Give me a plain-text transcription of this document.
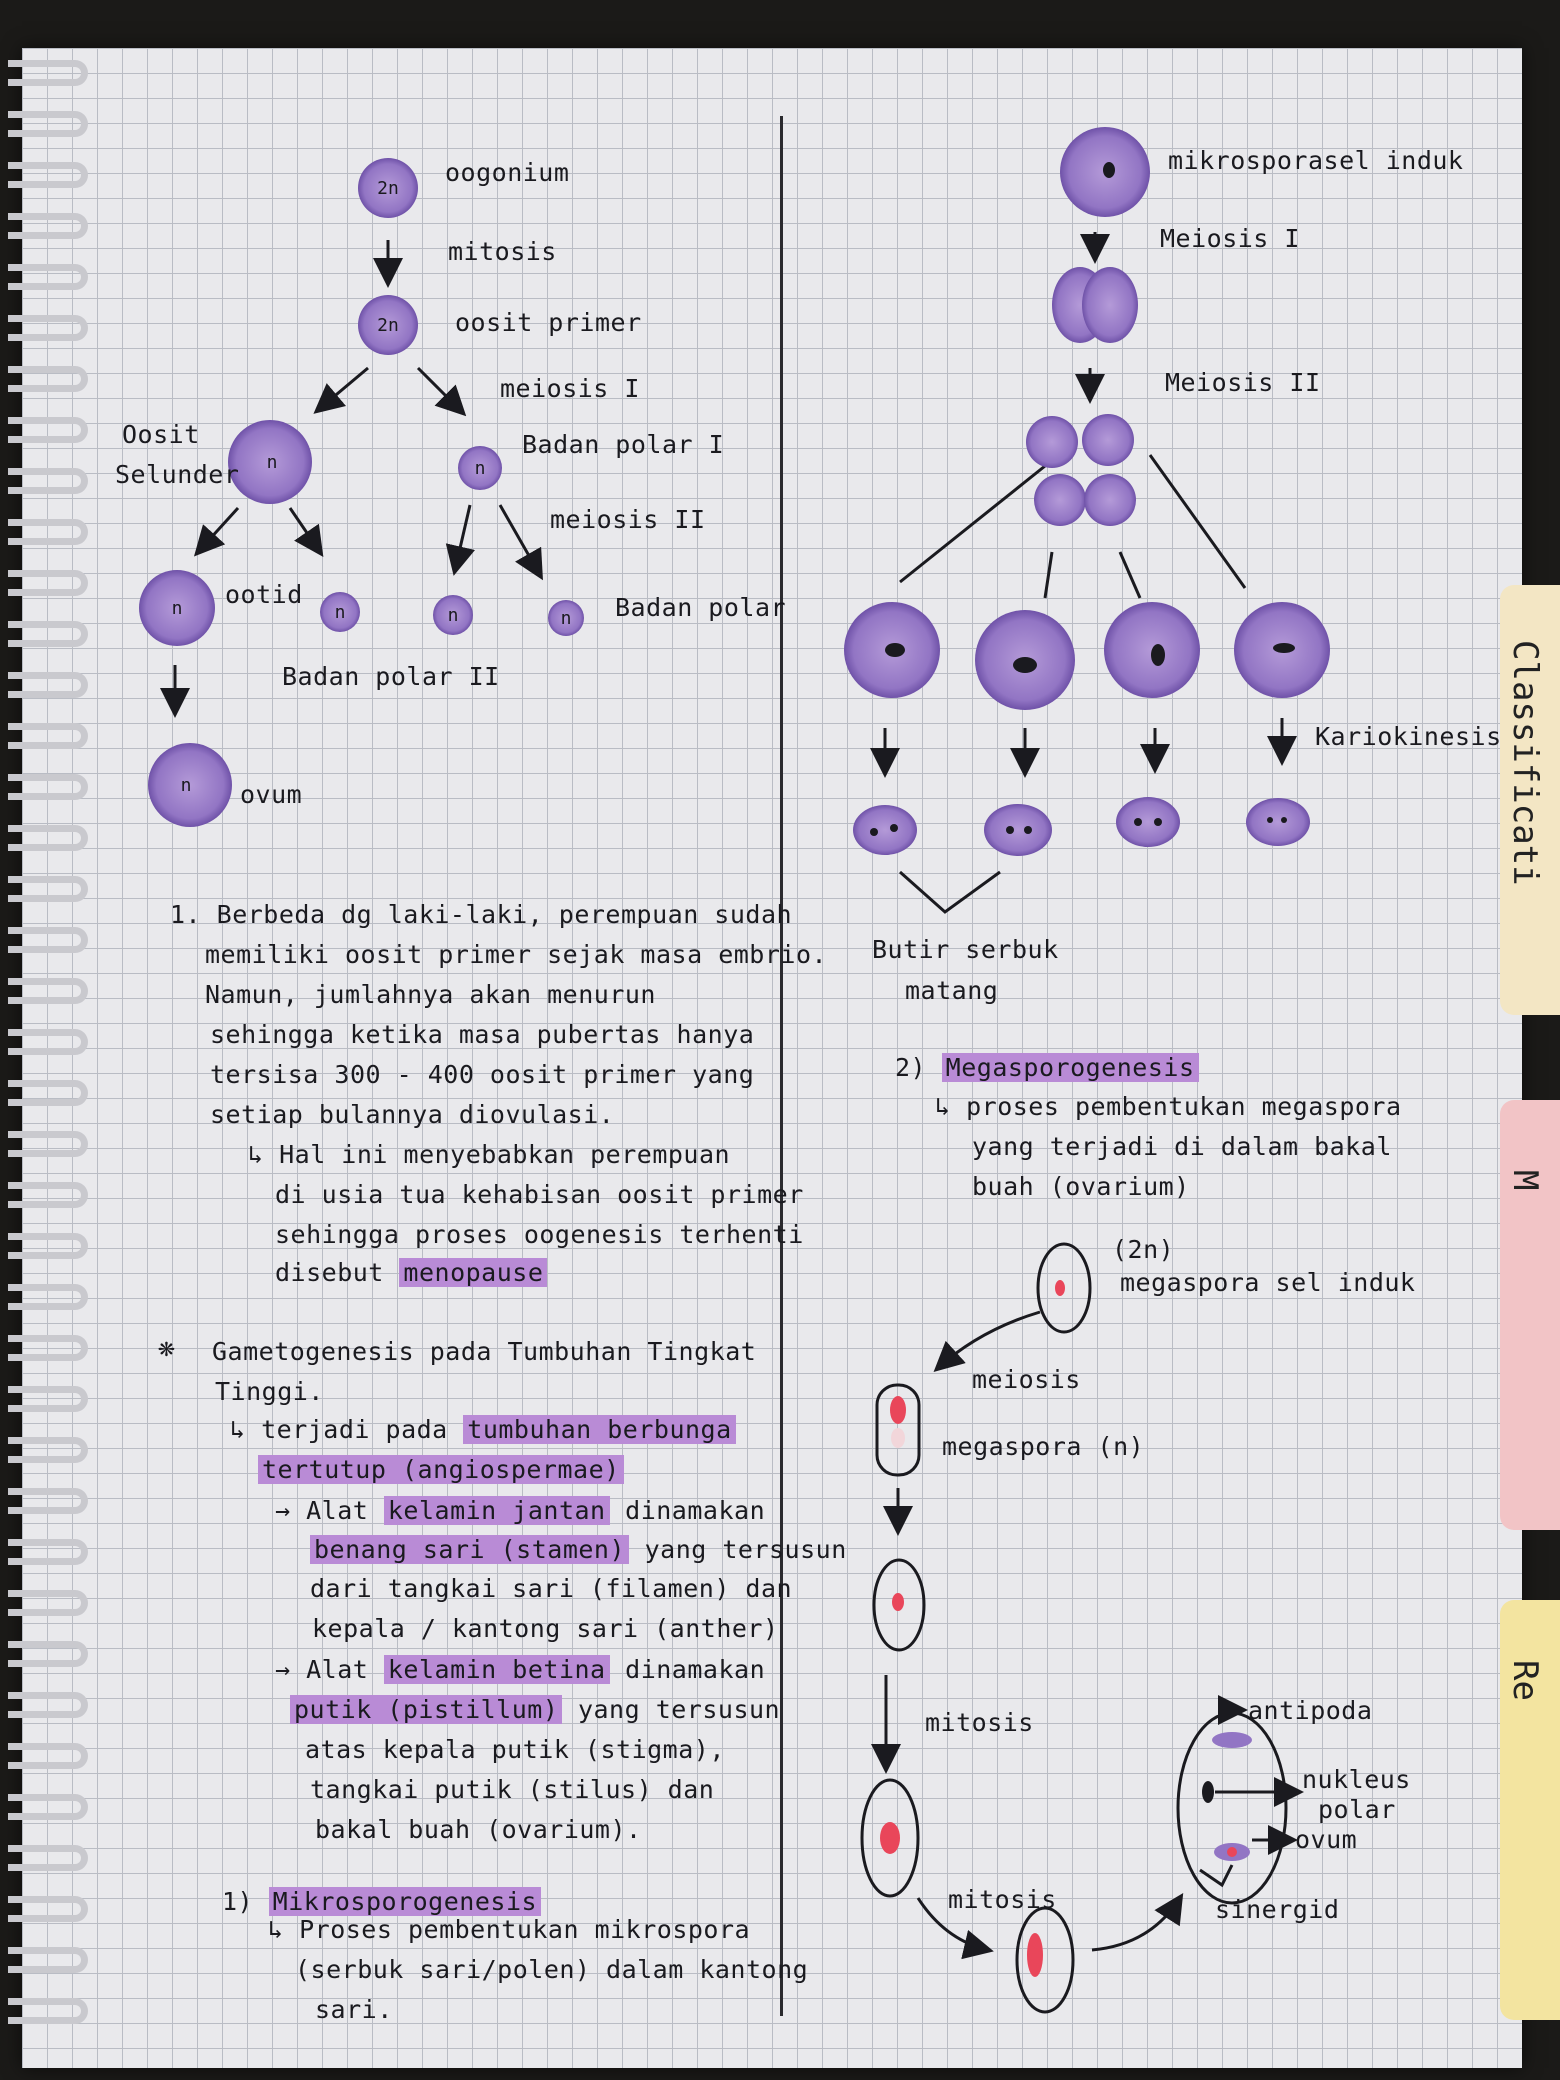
Classificati
M
Re
2n
2n
n	n
n	n	n	n
n
oogonium
mitosis
oosit primer
meiosis I
Oosit
Selunder
Badan polar I
meiosis II
ootid	Badan polar
Badan polar II
ovum
1. Berbeda dg laki-laki, perempuan sudah
memiliki oosit primer sejak masa embrio.
Namun, jumlahnya akan menurun
sehingga ketika masa pubertas hanya
tersisa 300 - 400 oosit primer yang
setiap bulannya diovulasi.
↳ Hal ini menyebabkan perempuan
di usia tua kehabisan oosit primer
sehingga proses oogenesis terhenti
disebut menopause
❋ Gametogenesis pada Tumbuhan Tingkat
Tinggi.
↳ terjadi pada tumbuhan berbunga
tertutup (angiospermae)
→ Alat kelamin jantan dinamakan
benang sari (stamen) yang tersusun
dari tangkai sari (filamen) dan
kepala / kantong sari (anther)
→ Alat kelamin betina dinamakan
putik (pistillum) yang tersusun
atas kepala putik (stigma),
tangkai putik (stilus) dan
bakal buah (ovarium).
1) Mikrosporogenesis
↳ Proses pembentukan mikrospora
(serbuk sari/polen) dalam kantong
sari.
mikrosporasel induk
Meiosis I
Meiosis II
Kariokinesis
Butir serbuk
matang
2) Megasporogenesis
↳ proses pembentukan megaspora
yang terjadi di dalam bakal
buah (ovarium)
(2n)
megaspora sel induk
meiosis
megaspora (n)
mitosis
mitosis
antipoda
nukleus
polar
ovum
sinergid
